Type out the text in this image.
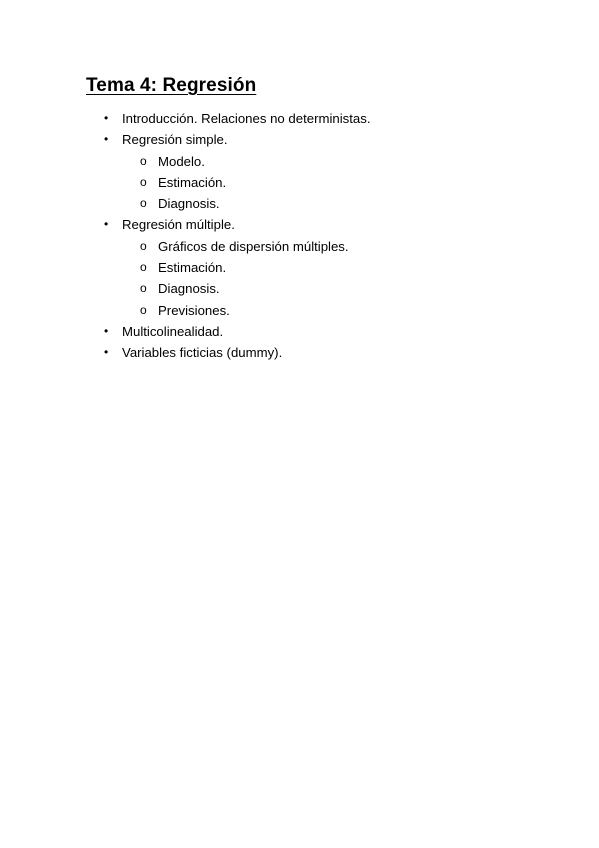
Tema 4: Regresión
• Introducción. Relaciones no deterministas.
• Regresión simple.
o Modelo.
o Estimación.
o Diagnosis.
• Regresión múltiple.
o Gráficos de dispersión múltiples.
o Estimación.
o Diagnosis.
o Previsiones.
• Multicolinealidad.
• Variables ficticias (dummy).
